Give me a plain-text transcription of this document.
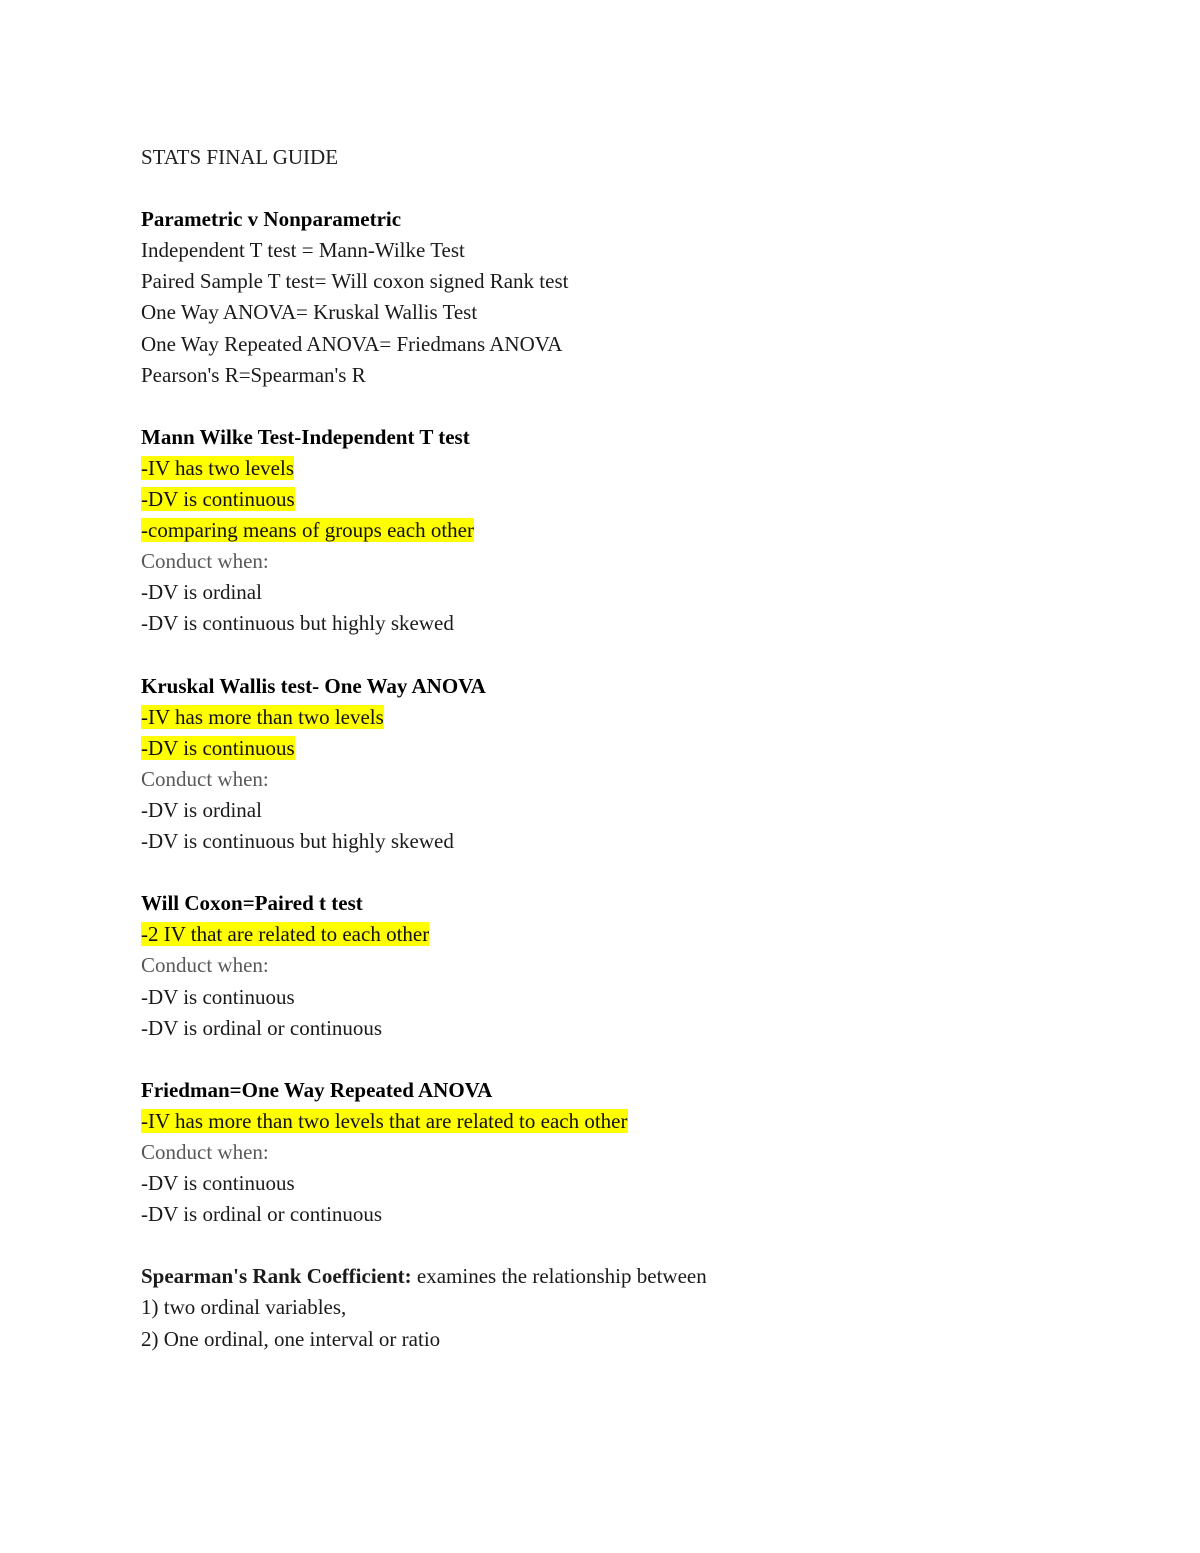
STATS FINAL GUIDE
Parametric v Nonparametric
Independent T test = Mann-Wilke Test
Paired Sample T test= Will coxon signed Rank test
One Way ANOVA= Kruskal Wallis Test
One Way Repeated ANOVA= Friedmans ANOVA
Pearson's R=Spearman's R
Mann Wilke Test-Independent T test
-IV has two levels
-DV is continuous
-comparing means of groups each other
Conduct when:
-DV is ordinal
-DV is continuous but highly skewed
Kruskal Wallis test- One Way ANOVA
-IV has more than two levels
-DV is continuous
Conduct when:
-DV is ordinal
-DV is continuous but highly skewed
Will Coxon=Paired t test
-2 IV that are related to each other
Conduct when:
-DV is continuous
-DV is ordinal or continuous
Friedman=One Way Repeated ANOVA
-IV has more than two levels that are related to each other
Conduct when:
-DV is continuous
-DV is ordinal or continuous
Spearman's Rank Coefficient: examines the relationship between
1) two ordinal variables,
2) One ordinal, one interval or ratio
